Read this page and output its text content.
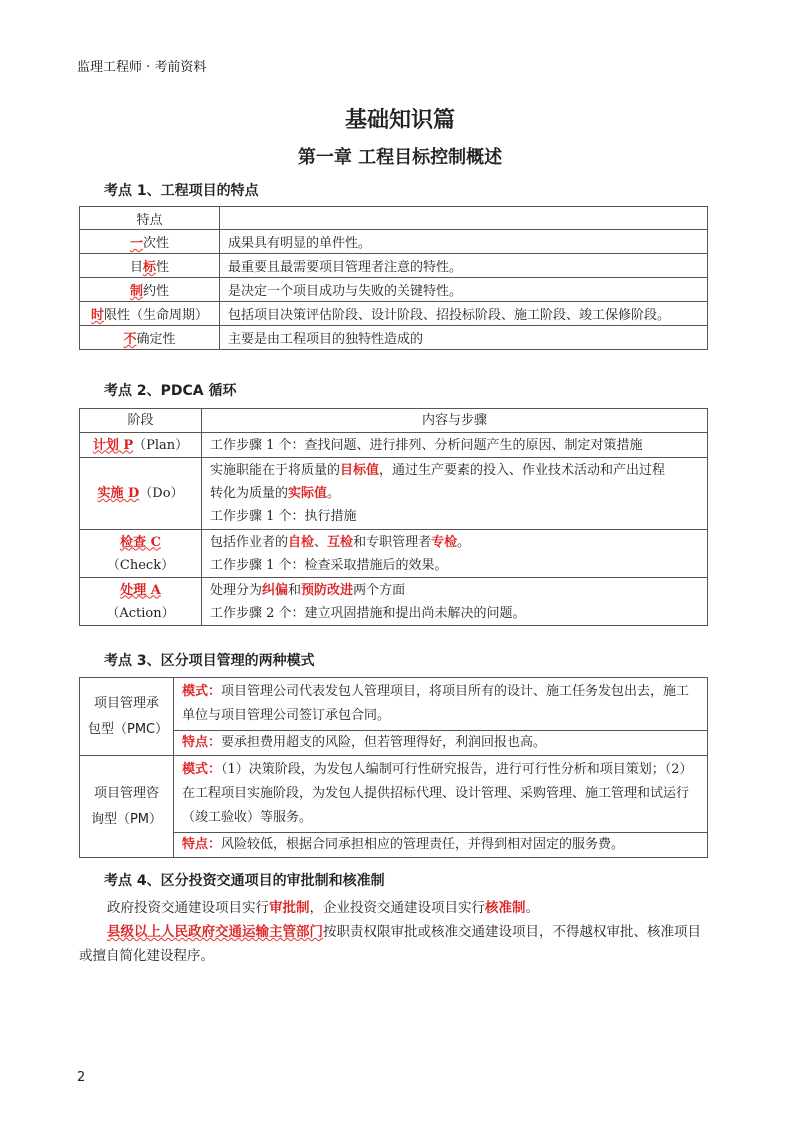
监理工程师 · 考前资料
基础知识篇
第一章 工程目标控制概述
考点 1、工程项目的特点
特点	
一次性	成果具有明显的单件性。
目标性	最重要且最需要项目管理者注意的特性。
制约性	是决定一个项目成功与失败的关键特性。
时限性（生命周期）	包括项目决策评估阶段、设计阶段、招投标阶段、施工阶段、竣工保修阶段。
不确定性	主要是由工程项目的独特性造成的
考点 2、PDCA 循环
阶段	内容与步骤
计划 P（Plan）	工作步骤 1 个：查找问题、进行排列、分析问题产生的原因、制定对策措施
实施 D（Do）	实施职能在于将质量的目标值，通过生产要素的投入、作业技术活动和产出过程
转化为质量的实际值。
工作步骤 1 个：执行措施

检查 C（Check）	包括作业者的自检、互检和专职管理者专检。
工作步骤 1 个：检查采取措施后的效果。

处理 A（Action）	处理分为纠偏和预防改进两个方面
工作步骤 2 个：建立巩固措施和提出尚未解决的问题。
考点 3、区分项目管理的两种模式
项目管理承
包型（PMC）	模式：项目管理公司代表发包人管理项目，将项目所有的设计、施工任务发包出去，施工单位与项目管理公司签订承包合同。
	特点：要承担费用超支的风险，但若管理得好，利润回报也高。

项目管理咨
询型（PM）	模式：（1）决策阶段，为发包人编制可行性研究报告，进行可行性分析和项目策划；（2）在工程项目实施阶段，为发包人提供招标代理、设计管理、采购管理、施工管理和试运行（竣工验收）等服务。
	特点：风险较低，根据合同承担相应的管理责任，并得到相对固定的服务费。
考点 4、区分投资交通项目的审批制和核准制
政府投资交通建设项目实行审批制，企业投资交通建设项目实行核准制。
县级以上人民政府交通运输主管部门按职责权限审批或核准交通建设项目，不得越权审批、核准项目或擅自简化建设程序。
2
